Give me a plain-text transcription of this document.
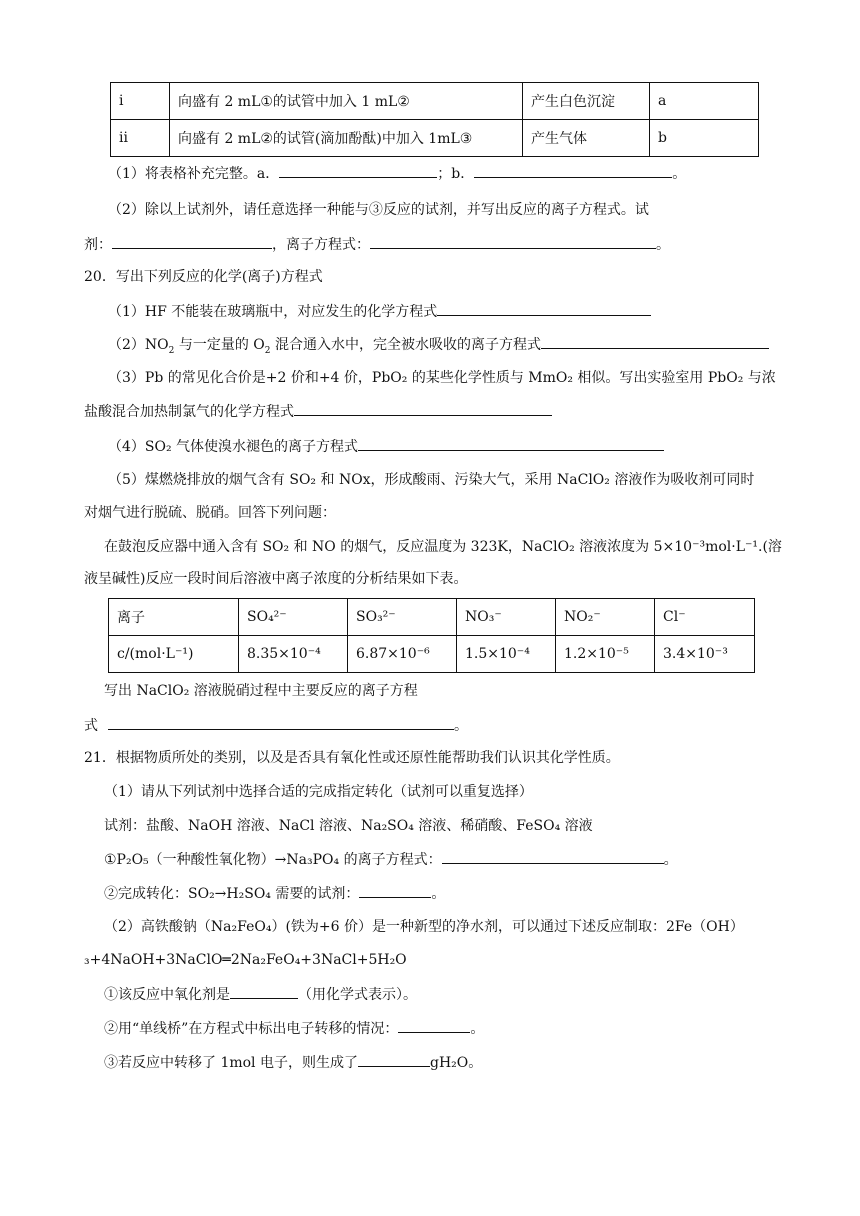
i	向盛有 2 mL①的试管中加入 1 mL②	产生白色沉淀	a
ii	向盛有 2 mL②的试管(滴加酚酞)中加入 1mL③	产生气体	b
（1）将表格补充完整。a．	；b．	。
（2）除以上试剂外，请任意选择一种能与③反应的试剂，并写出反应的离子方程式。试
剂：	，离子方程式：	。
20．写出下列反应的化学(离子)方程式
（1）HF 不能装在玻璃瓶中，对应发生的化学方程式
$(2)NO_2$ 与一定量的 $O_2$ 混合通入水中，完全被水吸收的离子方程式
（3）Pb 的常见化合价是+2 价和+4 价，PbO₂ 的某些化学性质与 MmO₂ 相似。写出实验室用 PbO₂ 与浓
盐酸混合加热制氯气的化学方程式
（4）SO₂ 气体使溴水褪色的离子方程式
（5）煤燃烧排放的烟气含有 SO₂ 和 NOx，形成酸雨、污染大气，采用 NaClO₂ 溶液作为吸收剂可同时
对烟气进行脱硫、脱硝。回答下列问题：
在鼓泡反应器中通入含有 SO₂ 和 NO 的烟气，反应温度为 323K，NaClO₂ 溶液浓度为 5×10⁻³mol·L⁻¹.(溶
液呈碱性)反应一段时间后溶液中离子浓度的分析结果如下表。
离子	SO₄²⁻	SO₃²⁻	NO₃⁻	NO₂⁻	Cl⁻
c/(mol·L⁻¹)	8.35×10⁻⁴	6.87×10⁻⁶	1.5×10⁻⁴	1.2×10⁻⁵	3.4×10⁻³
写出 NaClO₂ 溶液脱硝过程中主要反应的离子方程
式	。
21．根据物质所处的类别，以及是否具有氧化性或还原性能帮助我们认识其化学性质。
（1）请从下列试剂中选择合适的完成指定转化（试剂可以重复选择）
试剂：盐酸、NaOH 溶液、NaCl 溶液、Na₂SO₄ 溶液、稀硝酸、FeSO₄ 溶液
①P₂O₅（一种酸性氧化物）→Na₃PO₄ 的离子方程式：	。
②完成转化：SO₂→H₂SO₄ 需要的试剂：	。
（2）高铁酸钠（Na₂FeO₄）(铁为+6 价）是一种新型的净水剂，可以通过下述反应制取：2Fe（OH）
₃+4NaOH+3NaClO═2Na₂FeO₄+3NaCl+5H₂O
①该反应中氧化剂是	（用化学式表示）。
②用“单线桥”在方程式中标出电子转移的情况：	。
③若反应中转移了 1mol 电子，则生成了	gH₂O。
